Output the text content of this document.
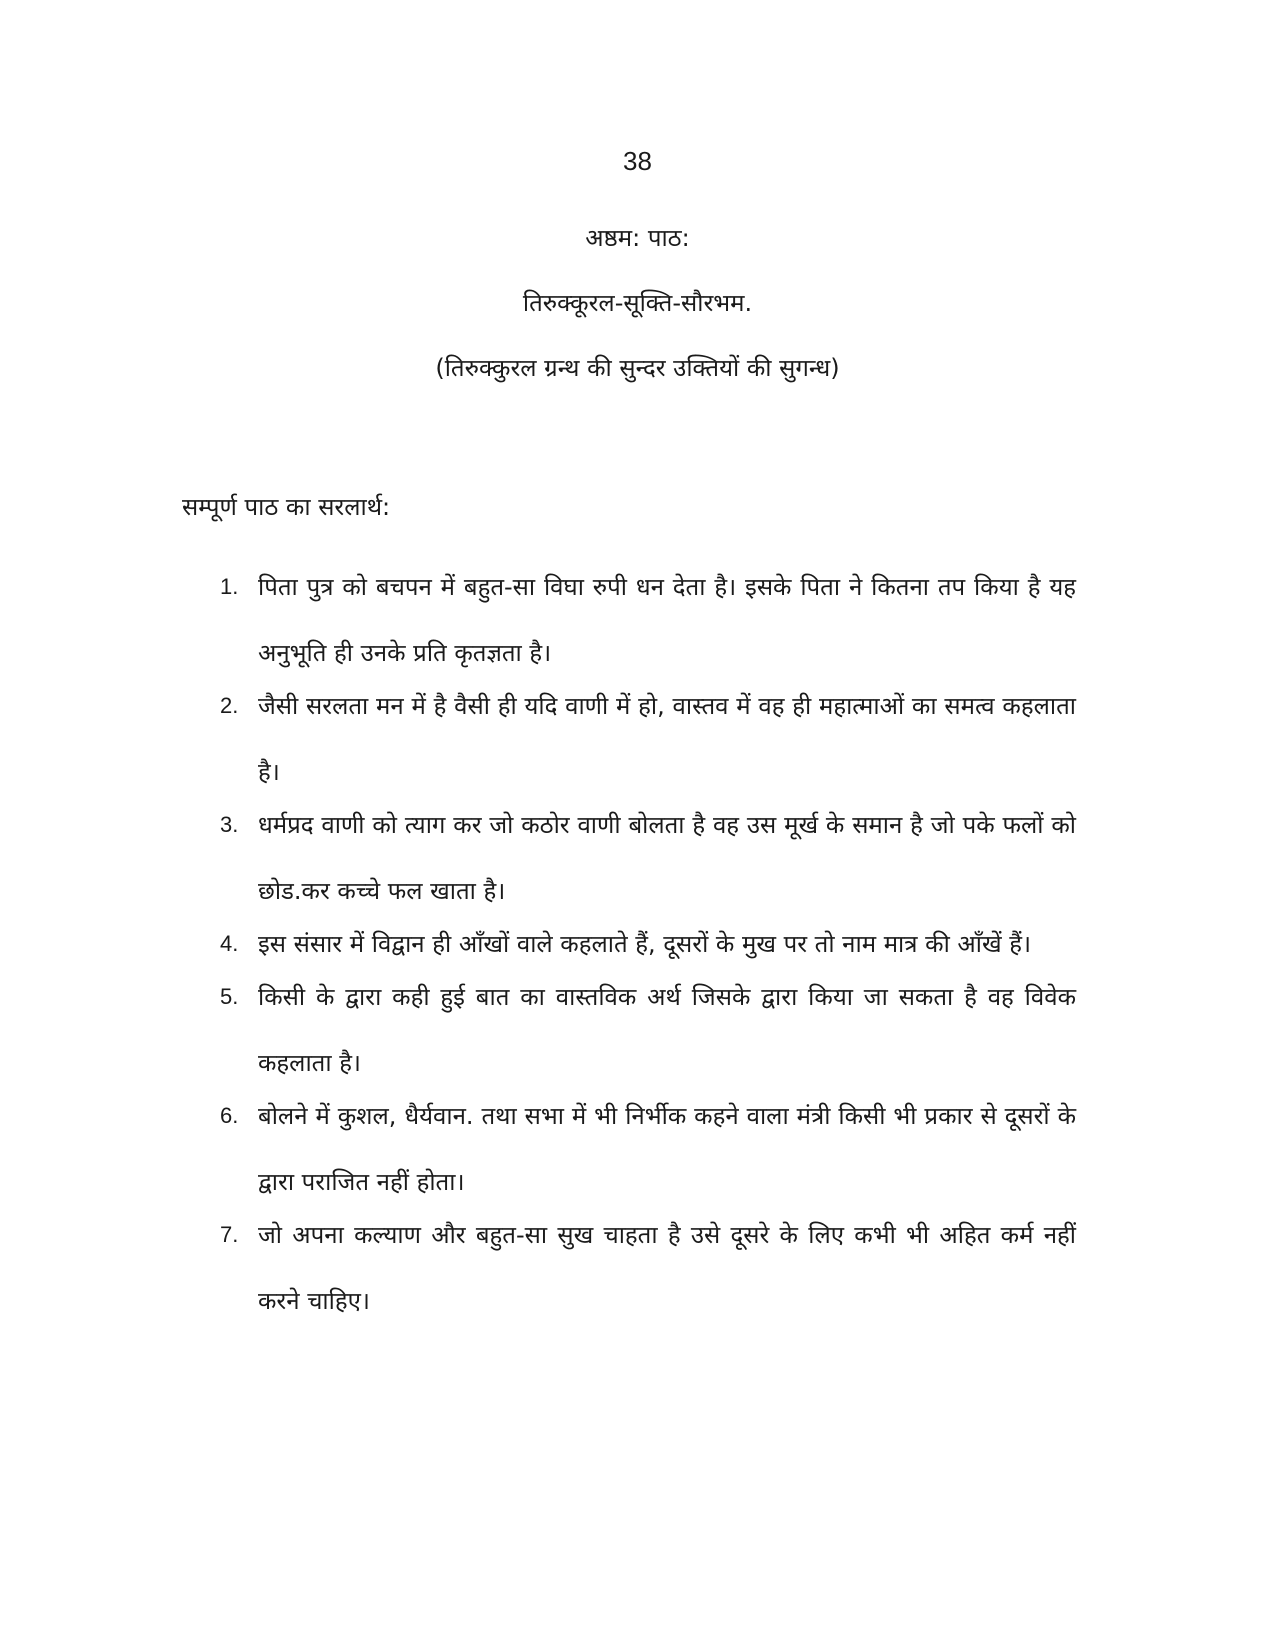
38
अष्ठम: पाठ:
तिरुक्कूरल-सूक्ति-सौरभम.
(तिरुक्कुरल ग्रन्थ की सुन्दर उक्तियों की सुगन्ध)
सम्पूर्ण पाठ का सरलार्थ:
1. पिता पुत्र को बचपन में बहुत-सा विघा रुपी धन देता है। इसके पिता ने कितना तप किया है यह अनुभूति ही उनके प्रति कृतज्ञता है।
2. जैसी सरलता मन में है वैसी ही यदि वाणी में हो, वास्तव में वह ही महात्माओं का समत्व कहलाता है।
3. धर्मप्रद वाणी को त्याग कर जो कठोर वाणी बोलता है वह उस मूर्ख के समान है जो पके फलों को छोड.कर कच्चे फल खाता है।
4. इस संसार में विद्वान ही आँखों वाले कहलाते हैं, दूसरों के मुख पर तो नाम मात्र की आँखें हैं।
5. किसी के द्वारा कही हुई बात का वास्तविक अर्थ जिसके द्वारा किया जा सकता है वह विवेक कहलाता है।
6. बोलने में कुशल, धैर्यवान. तथा सभा में भी निर्भीक कहने वाला मंत्री किसी भी प्रकार से दूसरों के द्वारा पराजित नहीं होता।
7. जो अपना कल्याण और बहुत-सा सुख चाहता है उसे दूसरे के लिए कभी भी अहित कर्म नहीं करने चाहिए।
